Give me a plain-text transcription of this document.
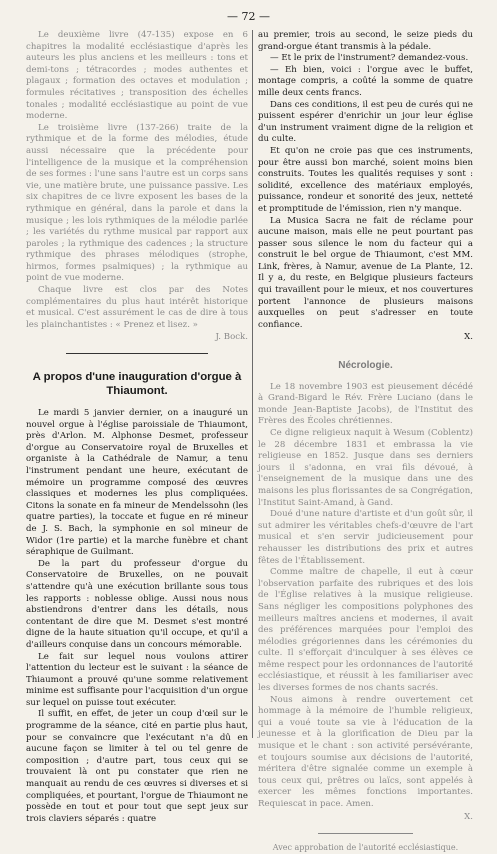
— 72 —

Le deuxième livre (47-135) expose en 6 chapitres la modalité ecclésiastique d'après les auteurs les plus anciens et les meilleurs : tons et demi-tons ; tétracordes ; modes authentes et plagaux ; formation des octaves et modulation ; formules récitatives ; transposition des échelles tonales ; modalité ecclésiastique au point de vue moderne.

Le troisième livre (137-266) traite de la rythmique et de la forme des mélodies, étude aussi nécessaire que la précédente pour l'intelligence de la musique et la compréhension de ses formes : l'une sans l'autre est un corps sans vie, une matière brute, une puissance passive. Les six chapitres de ce livre exposent les bases de la rythmique en général, dans la parole et dans la musique ; les lois rythmiques de la mélodie parlée ; les variétés du rythme musical par rapport aux paroles ; la rythmique des cadences ; la structure rythmique des phrases mélodiques (strophe, hirmos, formes psalmiques) ; la rythmique au point de vue moderne.

Chaque livre est clos par des Notes complémentaires du plus haut intérêt historique et musical. C'est assurément le cas de dire à tous les plainchantistes : « Prenez et lisez. »

J. Bock.
A propos d'une inauguration d'orgue à Thiaumont.

Le mardi 5 janvier dernier, on a inauguré un nouvel orgue à l'église paroissiale de Thiaumont, près d'Arlon. M. Alphonse Desmet, professeur d'orgue au Conservatoire royal de Bruxelles et organiste à la Cathédrale de Namur, a tenu l'instrument pendant une heure, exécutant de mémoire un programme composé des œuvres classiques et modernes les plus compliquées. Citons la sonate en fa mineur de Mendelssohn (les quatre parties), la toccate et fugue en ré mineur de J. S. Bach, la symphonie en sol mineur de Widor (1re partie) et la marche funèbre et chant séraphique de Guilmant.

De la part du professeur d'orgue du Conservatoire de Bruxelles, on ne pouvait s'attendre qu'à une exécution brillante sous tous les rapports : noblesse oblige. Aussi nous nous abstiendrons d'entrer dans les détails, nous contentant de dire que M. Desmet s'est montré digne de la haute situation qu'il occupe, et qu'il a d'ailleurs conquise dans un concours mémorable.

Le fait sur lequel nous voulons attirer l'attention du lecteur est le suivant : la séance de Thiaumont a prouvé qu'une somme relativement minime est suffisante pour l'acquisition d'un orgue sur lequel on puisse tout exécuter.

Il suffit, en effet, de jeter un coup d'œil sur le programme de la séance, cité en partie plus haut, pour se convaincre que l'exécutant n'a dû en aucune façon se limiter à tel ou tel genre de composition ; d'autre part, tous ceux qui se trouvaient là ont pu constater que rien ne manquait au rendu de ces œuvres si diverses et si compliquées, et pourtant, l'orgue de Thiaumont ne possède en tout et pour tout que sept jeux sur trois claviers séparés : quatre

au premier, trois au second, le seize pieds du grand-orgue étant transmis à la pédale.

— Et le prix de l'instrument? demandez-vous.

— Eh bien, voici : l'orgue avec le buffet, montage compris, a coûté la somme de quatre mille deux cents francs.

Dans ces conditions, il est peu de curés qui ne puissent espérer d'enrichir un jour leur église d'un instrument vraiment digne de la religion et du culte.

Et qu'on ne croie pas que ces instruments, pour être aussi bon marché, soient moins bien construits. Toutes les qualités requises y sont : solidité, excellence des matériaux employés, puissance, rondeur et sonorité des jeux, netteté et promptitude de l'émission, rien n'y manque.

La Musica Sacra ne fait de réclame pour aucune maison, mais elle ne peut pourtant pas passer sous silence le nom du facteur qui a construit le bel orgue de Thiaumont, c'est MM. Link, frères, à Namur, avenue de La Plante, 12. Il y a, du reste, en Belgique plusieurs facteurs qui travaillent pour le mieux, et nos couvertures portent l'annonce de plusieurs maisons auxquelles on peut s'adresser en toute confiance.

X.
Nécrologie.

Le 18 novembre 1903 est pieusement décédé à Grand-Bigard le Rév. Frère Luciano (dans le monde Jean-Baptiste Jacobs), de l'Institut des Frères des Écoles chrétiennes.

Ce digne religieux naquit à Wesum (Coblentz) le 28 décembre 1831 et embrassa la vie religieuse en 1852. Jusque dans ses derniers jours il s'adonna, en vrai fils dévoué, à l'enseignement de la musique dans une des maisons les plus florissantes de sa Congrégation, l'Institut Saint-Amand, à Gand.

Doué d'une nature d'artiste et d'un goût sûr, il sut admirer les véritables chefs-d'œuvre de l'art musical et s'en servir judicieusement pour rehausser les distributions des prix et autres fêtes de l'Établissement.

Comme maître de chapelle, il eut à cœur l'observation parfaite des rubriques et des lois de l'Église relatives à la musique religieuse. Sans négliger les compositions polyphones des meilleurs maîtres anciens et modernes, il avait des préférences marquées pour l'emploi des mélodies grégoriennes dans les cérémonies du culte. Il s'efforçait d'inculquer à ses élèves ce même respect pour les ordonnances de l'autorité ecclésiastique, et réussit à les familiariser avec les diverses formes de nos chants sacrés.

Nous aimons à rendre ouvertement cet hommage à la mémoire de l'humble religieux, qui a voué toute sa vie à l'éducation de la jeunesse et à la glorification de Dieu par la musique et le chant : son activité persévérante, et toujours soumise aux décisions de l'autorité, méritera d'être signalée comme un exemple à tous ceux qui, prêtres ou laïcs, sont appelés à exercer les mêmes fonctions importantes. Requiescat in pace. Amen.

X.
Avec approbation de l'autorité ecclésiastique.
